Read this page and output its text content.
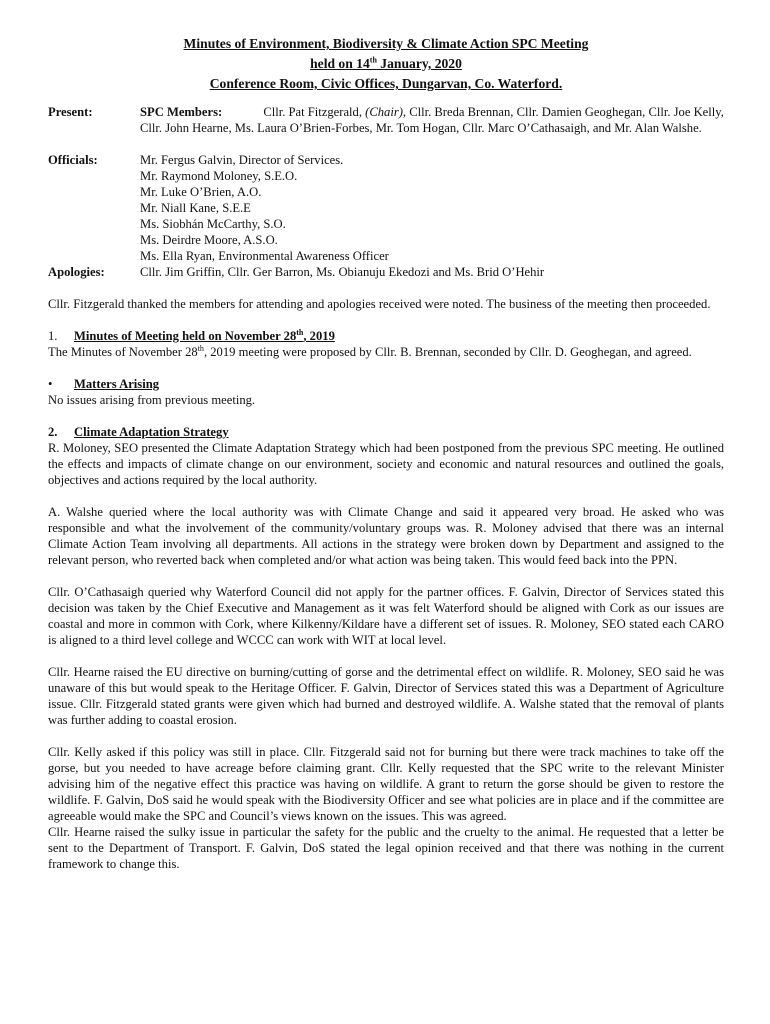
Minutes of Environment, Biodiversity & Climate Action SPC Meeting

held on 14th January, 2020

Conference Room, Civic Offices, Dungarvan, Co. Waterford.

Present:	SPC Members:	Cllr. Pat Fitzgerald, (Chair), Cllr. Breda Brennan, Cllr. Damien Geoghegan, Cllr. Joe Kelly, Cllr. John Hearne, Ms. Laura O’Brien-Forbes, Mr. Tom Hogan, Cllr. Marc O’Cathasaigh, and Mr. Alan Walshe.
Officials:	Mr. Fergus Galvin, Director of Services.
Mr. Raymond Moloney, S.E.O.
Mr. Luke O’Brien, A.O.
Mr. Niall Kane, S.E.E
Ms. Siobhán McCarthy, S.O.
Ms. Deirdre Moore, A.S.O.
Ms. Ella Ryan, Environmental Awareness Officer
Apologies:	Cllr. Jim Griffin, Cllr. Ger Barron, Ms. Obianuju Ekedozi and Ms. Brid O’Hehir

Cllr. Fitzgerald thanked the members for attending and apologies received were noted. The business of the meeting then proceeded.

1. Minutes of Meeting held on November 28th, 2019

The Minutes of November 28th, 2019 meeting were proposed by Cllr. B. Brennan, seconded by Cllr. D. Geoghegan, and agreed.

• Matters Arising

No issues arising from previous meeting.

2. Climate Adaptation Strategy

R. Moloney, SEO presented the Climate Adaptation Strategy which had been postponed from the previous SPC meeting. He outlined the effects and impacts of climate change on our environment, society and economic and natural resources and outlined the goals, objectives and actions required by the local authority.

A. Walshe queried where the local authority was with Climate Change and said it appeared very broad. He asked who was responsible and what the involvement of the community/voluntary groups was. R. Moloney advised that there was an internal Climate Action Team involving all departments. All actions in the strategy were broken down by Department and assigned to the relevant person, who reverted back when completed and/or what action was being taken. This would feed back into the PPN.

Cllr. O’Cathasaigh queried why Waterford Council did not apply for the partner offices. F. Galvin, Director of Services stated this decision was taken by the Chief Executive and Management as it was felt Waterford should be aligned with Cork as our issues are coastal and more in common with Cork, where Kilkenny/Kildare have a different set of issues. R. Moloney, SEO stated each CARO is aligned to a third level college and WCCC can work with WIT at local level.

Cllr. Hearne raised the EU directive on burning/cutting of gorse and the detrimental effect on wildlife. R. Moloney, SEO said he was unaware of this but would speak to the Heritage Officer. F. Galvin, Director of Services stated this was a Department of Agriculture issue. Cllr. Fitzgerald stated grants were given which had burned and destroyed wildlife. A. Walshe stated that the removal of plants was further adding to coastal erosion.

Cllr. Kelly asked if this policy was still in place. Cllr. Fitzgerald said not for burning but there were track machines to take off the gorse, but you needed to have acreage before claiming grant. Cllr. Kelly requested that the SPC write to the relevant Minister advising him of the negative effect this practice was having on wildlife. A grant to return the gorse should be given to restore the wildlife. F. Galvin, DoS said he would speak with the Biodiversity Officer and see what policies are in place and if the committee are agreeable would make the SPC and Council’s views known on the issues. This was agreed.

Cllr. Hearne raised the sulky issue in particular the safety for the public and the cruelty to the animal. He requested that a letter be sent to the Department of Transport. F. Galvin, DoS stated the legal opinion received and that there was nothing in the current framework to change this.
